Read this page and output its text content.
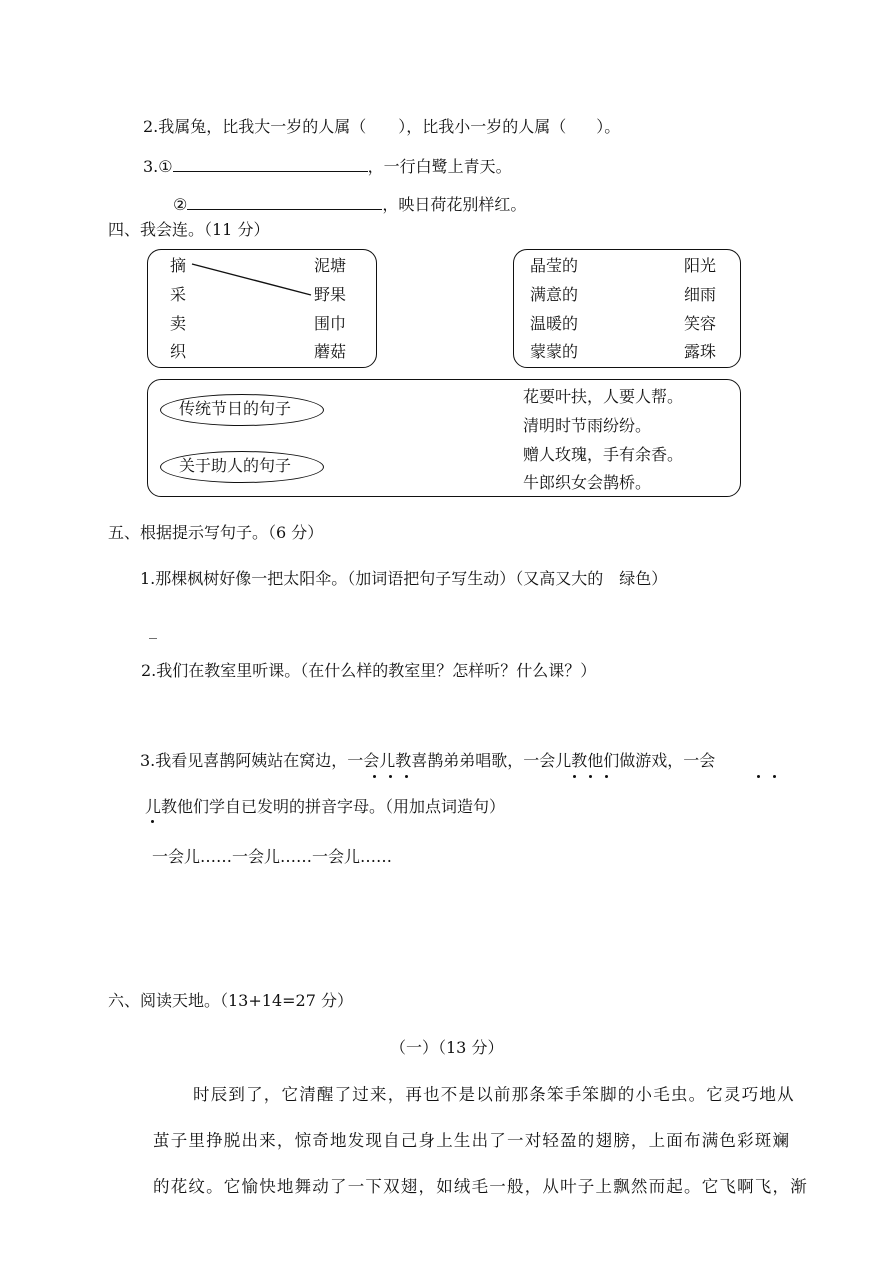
2.我属兔，比我大一岁的人属（ ），比我小一岁的人属（ ）。
3.①	，一行白鹭上青天。
②	，映日荷花别样红。
四、我会连。（11 分）
摘
采
卖
织
泥塘
野果
围巾
蘑菇
晶莹的
满意的
温暖的
蒙蒙的
阳光
细雨
笑容
露珠
传统节日的句子
关于助人的句子
花要叶扶，人要人帮。
清明时节雨纷纷。
赠人玫瑰，手有余香。
牛郎织女会鹊桥。
五、根据提示写句子。（6 分）
1.那棵枫树好像一把太阳伞。（加词语把句子写生动）（又高又大的　绿色）
_
2.我们在教室里听课。（在什么样的教室里？怎样听？什么课？）
3.我看见喜鹊阿姨站在窝边，一会儿教喜鹊弟弟唱歌，一会儿教他们做游戏，一会
儿教他们学自已发明的拼音字母。（用加点词造句）
一会儿……一会儿……一会儿……
六、阅读天地。（13+14=27 分）
（一）（13 分）
时辰到了，它清醒了过来，再也不是以前那条笨手笨脚的小毛虫。它灵巧地从
茧子里挣脱出来，惊奇地发现自己身上生出了一对轻盈的翅膀，上面布满色彩斑斓
的花纹。它愉快地舞动了一下双翅，如绒毛一般，从叶子上飘然而起。它飞啊飞，渐
